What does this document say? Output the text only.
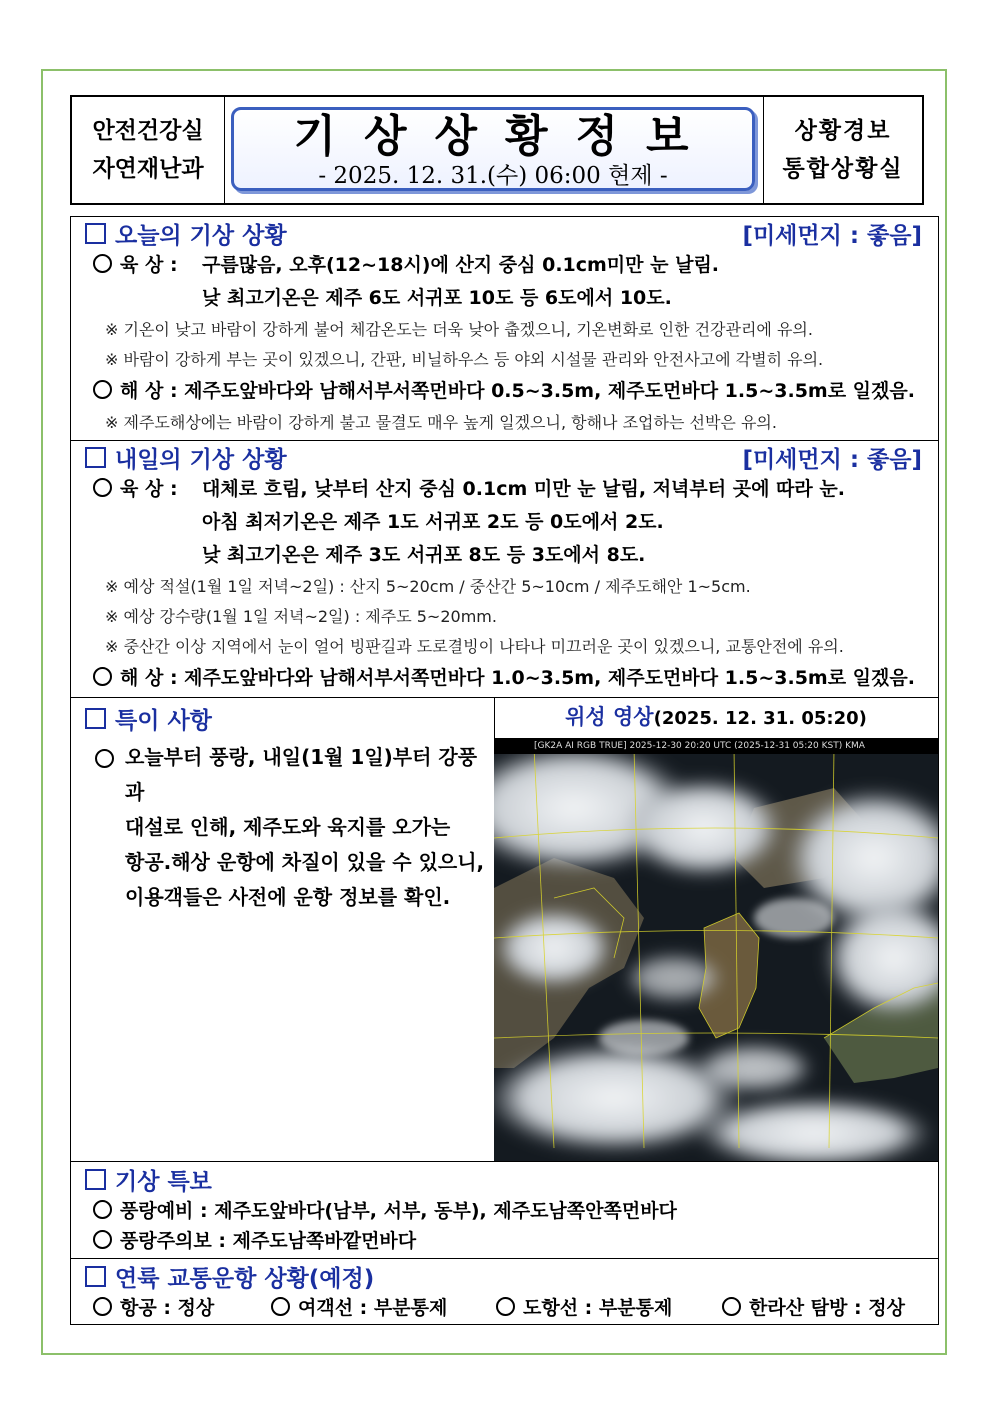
안전건강실
자연재난과
기상상황정보
- 2025. 12. 31.(수) 06:00 현제 -
상황경보
통합상황실
오늘의 기상 상황	[미세먼지 : 좋음]
육 상 : 구름많음, 오후(12~18시)에 산지 중심 0.1cm미만 눈 날림.
낮 최고기온은 제주 6도 서귀포 10도 등 6도에서 10도.
※ 기온이 낮고 바람이 강하게 불어 체감온도는 더욱 낮아 춥겠으니, 기온변화로 인한 건강관리에 유의.
※ 바람이 강하게 부는 곳이 있겠으니, 간판, 비닐하우스 등 야외 시설물 관리와 안전사고에 각별히 유의.
해 상 : 제주도앞바다와 남해서부서쪽먼바다 0.5~3.5m, 제주도먼바다 1.5~3.5m로 일겠음.
※ 제주도해상에는 바람이 강하게 불고 물결도 매우 높게 일겠으니, 항해나 조업하는 선박은 유의.
내일의 기상 상황	[미세먼지 : 좋음]
육 상 : 대체로 흐림, 낮부터 산지 중심 0.1cm 미만 눈 날림, 저녁부터 곳에 따라 눈.
아침 최저기온은 제주 1도 서귀포 2도 등 0도에서 2도.
낮 최고기온은 제주 3도 서귀포 8도 등 3도에서 8도.
※ 예상 적설(1월 1일 저녁~2일) : 산지 5~20cm / 중산간 5~10cm / 제주도해안 1~5cm.
※ 예상 강수량(1월 1일 저녁~2일) : 제주도 5~20mm.
※ 중산간 이상 지역에서 눈이 얼어 빙판길과 도로결빙이 나타나 미끄러운 곳이 있겠으니, 교통안전에 유의.
해 상 : 제주도앞바다와 남해서부서쪽먼바다 1.0~3.5m, 제주도먼바다 1.5~3.5m로 일겠음.
특이 사항
오늘부터 풍랑, 내일(1월 1일)부터 강풍과
대설로 인해, 제주도와 육지를 오가는
항공.해상 운항에 차질이 있을 수 있으니,
이용객들은 사전에 운항 정보를 확인.
위성 영상(2025. 12. 31. 05:20)
[GK2A AI RGB TRUE] 2025-12-30 20:20 UTC (2025-12-31 05:20 KST) KMA
기상 특보
풍랑예비 : 제주도앞바다(남부, 서부, 동부), 제주도남쪽안쪽먼바다
풍랑주의보 : 제주도남쪽바깥먼바다
연륙 교통운항 상황(예정)
항공 : 정상	여객선 : 부분통제	도항선 : 부분통제	한라산 탐방 : 정상
